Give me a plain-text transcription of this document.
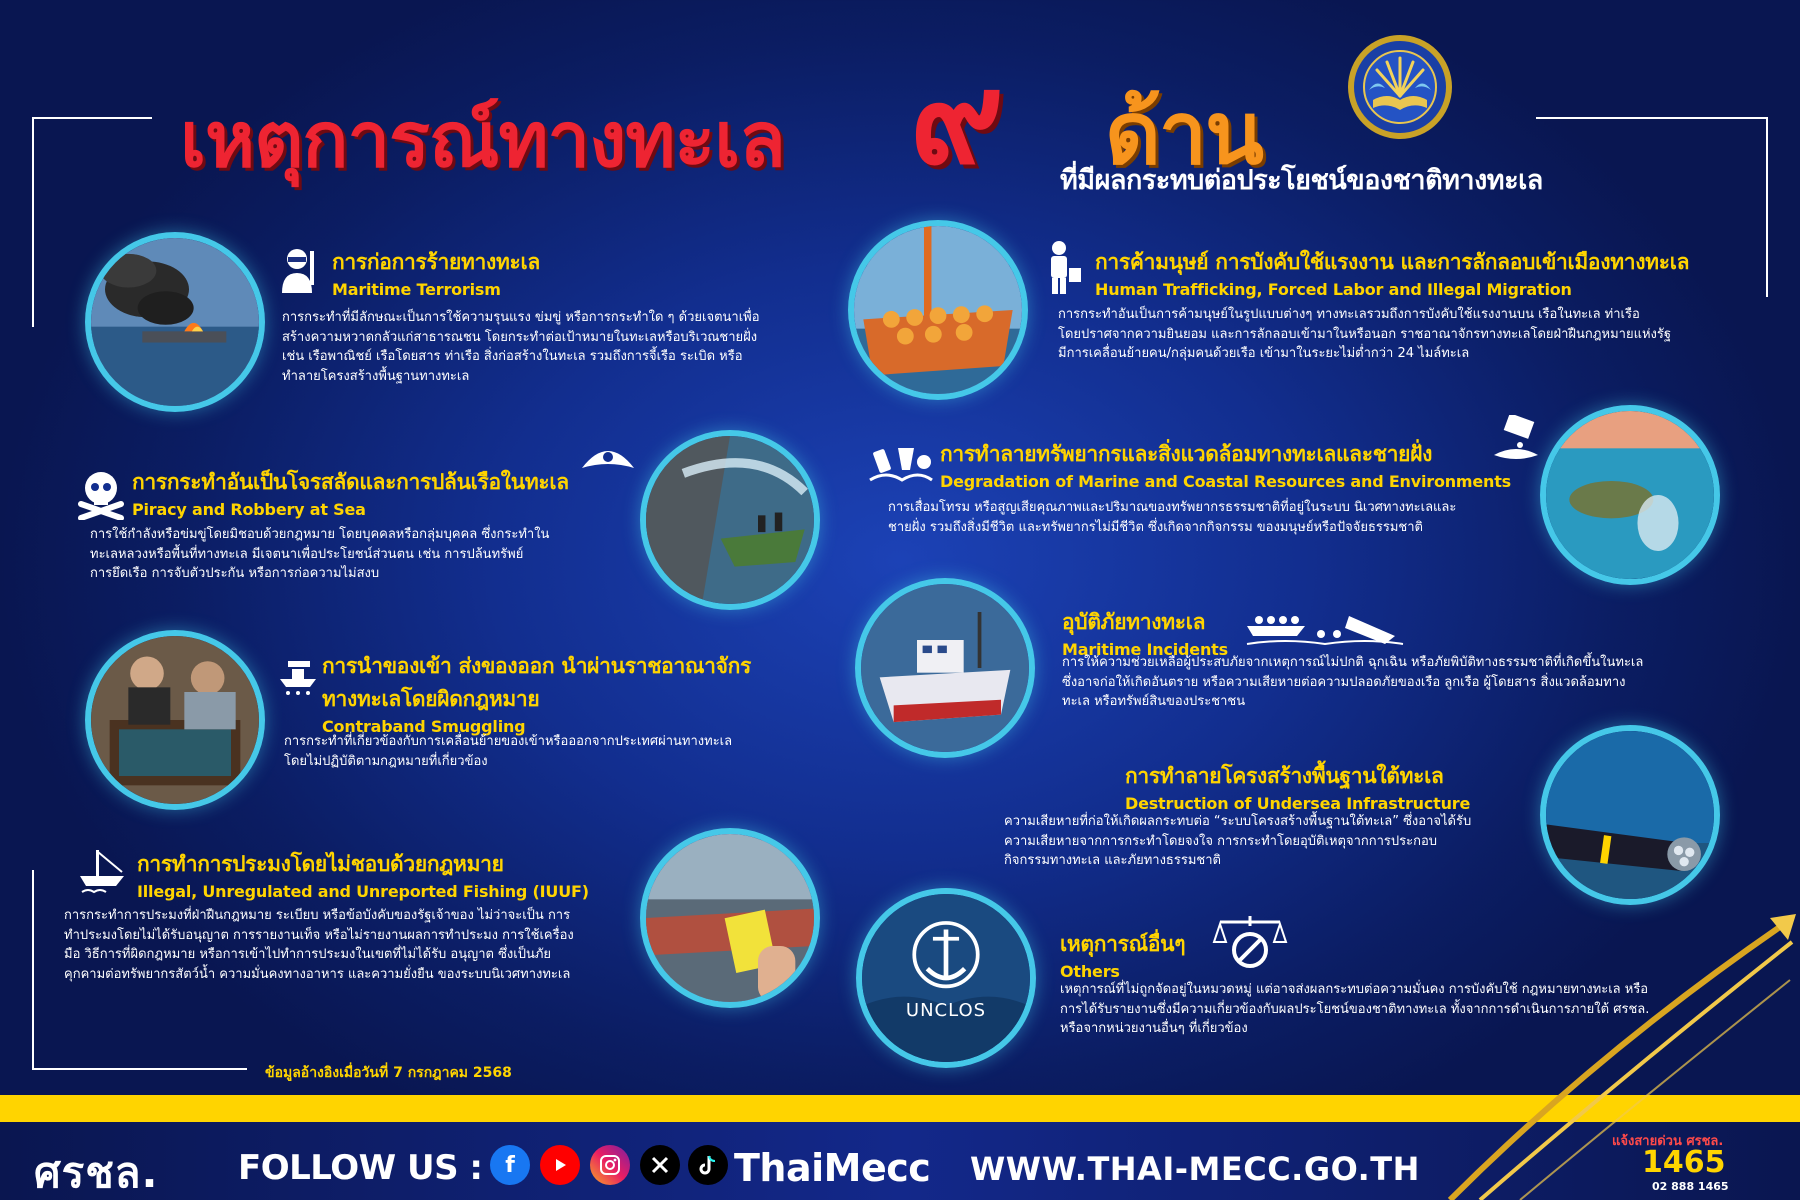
เหตุการณ์ทางทะเล ๙ ด้าน
ที่มีผลกระทบต่อประโยชน์ของชาติทางทะเล
การก่อการร้ายทางทะเล
Maritime Terrorism
การกระทำที่มีลักษณะเป็นการใช้ความรุนแรง ข่มขู่ หรือการกระทำใด ๆ ด้วยเจตนาเพื่อ
สร้างความหวาดกลัวแก่สาธารณชน โดยกระทำต่อเป้าหมายในทะเลหรือบริเวณชายฝั่ง
เช่น เรือพาณิชย์ เรือโดยสาร ท่าเรือ สิ่งก่อสร้างในทะเล รวมถึงการจี้เรือ ระเบิด หรือ
ทำลายโครงสร้างพื้นฐานทางทะเล
การกระทำอันเป็นโจรสลัดและการปล้นเรือในทะเล
Piracy and Robbery at Sea
การใช้กำลังหรือข่มขู่โดยมิชอบด้วยกฎหมาย โดยบุคคลหรือกลุ่มบุคคล ซึ่งกระทำใน
ทะเลหลวงหรือพื้นที่ทางทะเล มีเจตนาเพื่อประโยชน์ส่วนตน เช่น การปล้นทรัพย์
การยึดเรือ การจับตัวประกัน หรือการก่อความไม่สงบ
การนำของเข้า ส่งของออก นำผ่านราชอาณาจักร
ทางทะเลโดยผิดกฎหมาย
Contraband Smuggling
การกระทำที่เกี่ยวข้องกับการเคลื่อนย้ายของเข้าหรือออกจากประเทศผ่านทางทะเล
โดยไม่ปฏิบัติตามกฎหมายที่เกี่ยวข้อง
การทำการประมงโดยไม่ชอบด้วยกฎหมาย
Illegal, Unregulated and Unreported Fishing (IUUF)
การกระทำการประมงที่ฝ่าฝืนกฎหมาย ระเบียบ หรือข้อบังคับของรัฐเจ้าของ ไม่ว่าจะเป็น การ
ทำประมงโดยไม่ได้รับอนุญาต การรายงานเท็จ หรือไม่รายงานผลการทำประมง การใช้เครื่อง
มือ วิธีการที่ผิดกฎหมาย หรือการเข้าไปทำการประมงในเขตที่ไม่ได้รับ อนุญาต ซึ่งเป็นภัย
คุกคามต่อทรัพยากรสัตว์น้ำ ความมั่นคงทางอาหาร และความยั่งยืน ของระบบนิเวศทางทะเล
การค้ามนุษย์ การบังคับใช้แรงงาน และการลักลอบเข้าเมืองทางทะเล
Human Trafficking, Forced Labor and Illegal Migration
การกระทำอันเป็นการค้ามนุษย์ในรูปแบบต่างๆ ทางทะเลรวมถึงการบังคับใช้แรงงานบน เรือในทะเล ท่าเรือ
โดยปราศจากความยินยอม และการลักลอบเข้ามาในหรือนอก ราชอาณาจักรทางทะเลโดยฝ่าฝืนกฎหมายแห่งรัฐ
มีการเคลื่อนย้ายคน/กลุ่มคนด้วยเรือ เข้ามาในระยะไม่ต่ำกว่า 24 ไมล์ทะเล
การทำลายทรัพยากรและสิ่งแวดล้อมทางทะเลและชายฝั่ง
Degradation of Marine and Coastal Resources and Environments
การเสื่อมโทรม หรือสูญเสียคุณภาพและปริมาณของทรัพยากรธรรมชาติที่อยู่ในระบบ นิเวศทางทะเลและ
ชายฝั่ง รวมถึงสิ่งมีชีวิต และทรัพยากรไม่มีชีวิต ซึ่งเกิดจากกิจกรรม ของมนุษย์หรือปัจจัยธรรมชาติ
อุบัติภัยทางทะเล
Maritime Incidents
การให้ความช่วยเหลือผู้ประสบภัยจากเหตุการณ์ไม่ปกติ ฉุกเฉิน หรือภัยพิบัติทางธรรมชาติที่เกิดขึ้นในทะเล
ซึ่งอาจก่อให้เกิดอันตราย หรือความเสียหายต่อความปลอดภัยของเรือ ลูกเรือ ผู้โดยสาร สิ่งแวดล้อมทาง
ทะเล หรือทรัพย์สินของประชาชน
การทำลายโครงสร้างพื้นฐานใต้ทะเล
Destruction of Undersea Infrastructure
ความเสียหายที่ก่อให้เกิดผลกระทบต่อ “ระบบโครงสร้างพื้นฐานใต้ทะเล” ซึ่งอาจได้รับ
ความเสียหายจากการกระทำโดยจงใจ การกระทำโดยอุบัติเหตุจากการประกอบ
กิจกรรมทางทะเล และภัยทางธรรมชาติ
UNCLOS
เหตุการณ์อื่นๆ
Others
เหตุการณ์ที่ไม่ถูกจัดอยู่ในหมวดหมู่ แต่อาจส่งผลกระทบต่อความมั่นคง การบังคับใช้ กฎหมายทางทะเล หรือ
การได้รับรายงานซึ่งมีความเกี่ยวข้องกับผลประโยชน์ของชาติทางทะเล ทั้งจากการดำเนินการภายใต้ ศรชล.
หรือจากหน่วยงานอื่นๆ ที่เกี่ยวข้อง
ข้อมูลอ้างอิงเมื่อวันที่ 7 กรกฎาคม 2568
ศรชล. FOLLOW US :	f	ThaiMecc WWW.THAI-MECC.GO.TH
แจ้งสายด่วน ศรชล.
1465
02 888 1465
